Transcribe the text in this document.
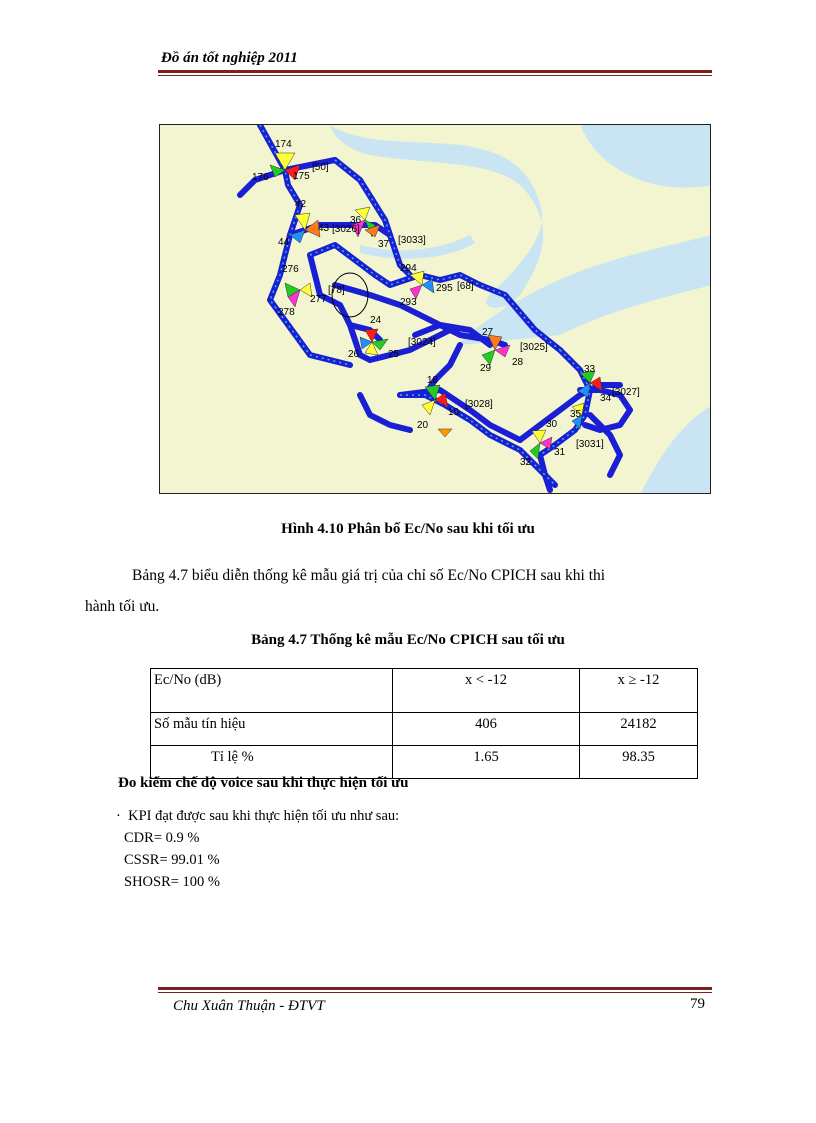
Đồ án tốt nghiệp 2011
174
[50]
176 175
42
36
[3026]
43
44	37 [3033]
276	294
[68]
[78]
277
295
278
293
24
[3024]
27
[3025]
26	25
29
28
33
[3027]
18
34
[3028]
19	35
20	30
[3031]
32
31
Hình 4.10 Phân bố Ec/No sau khi tối ưu
Bảng 4.7 biểu diễn thống kê mẫu giá trị của chỉ số Ec/No CPICH sau khi thi
hành tối ưu.
Bảng 4.7 Thống kê mẫu Ec/No CPICH sau tối ưu
Ec/No (dB)	x < -12	x ≥ -12
Số mẫu tín hiệu	406	24182
Tỉ lệ %	1.65	98.35
Đo kiểm chế độ voice sau khi thực hiện tối ưu
· KPI đạt được sau khi thực hiện tối ưu như sau:
CDR= 0.9 %
CSSR= 99.01 %
SHOSR= 100 %
Chu Xuân Thuận - ĐTVT	79
